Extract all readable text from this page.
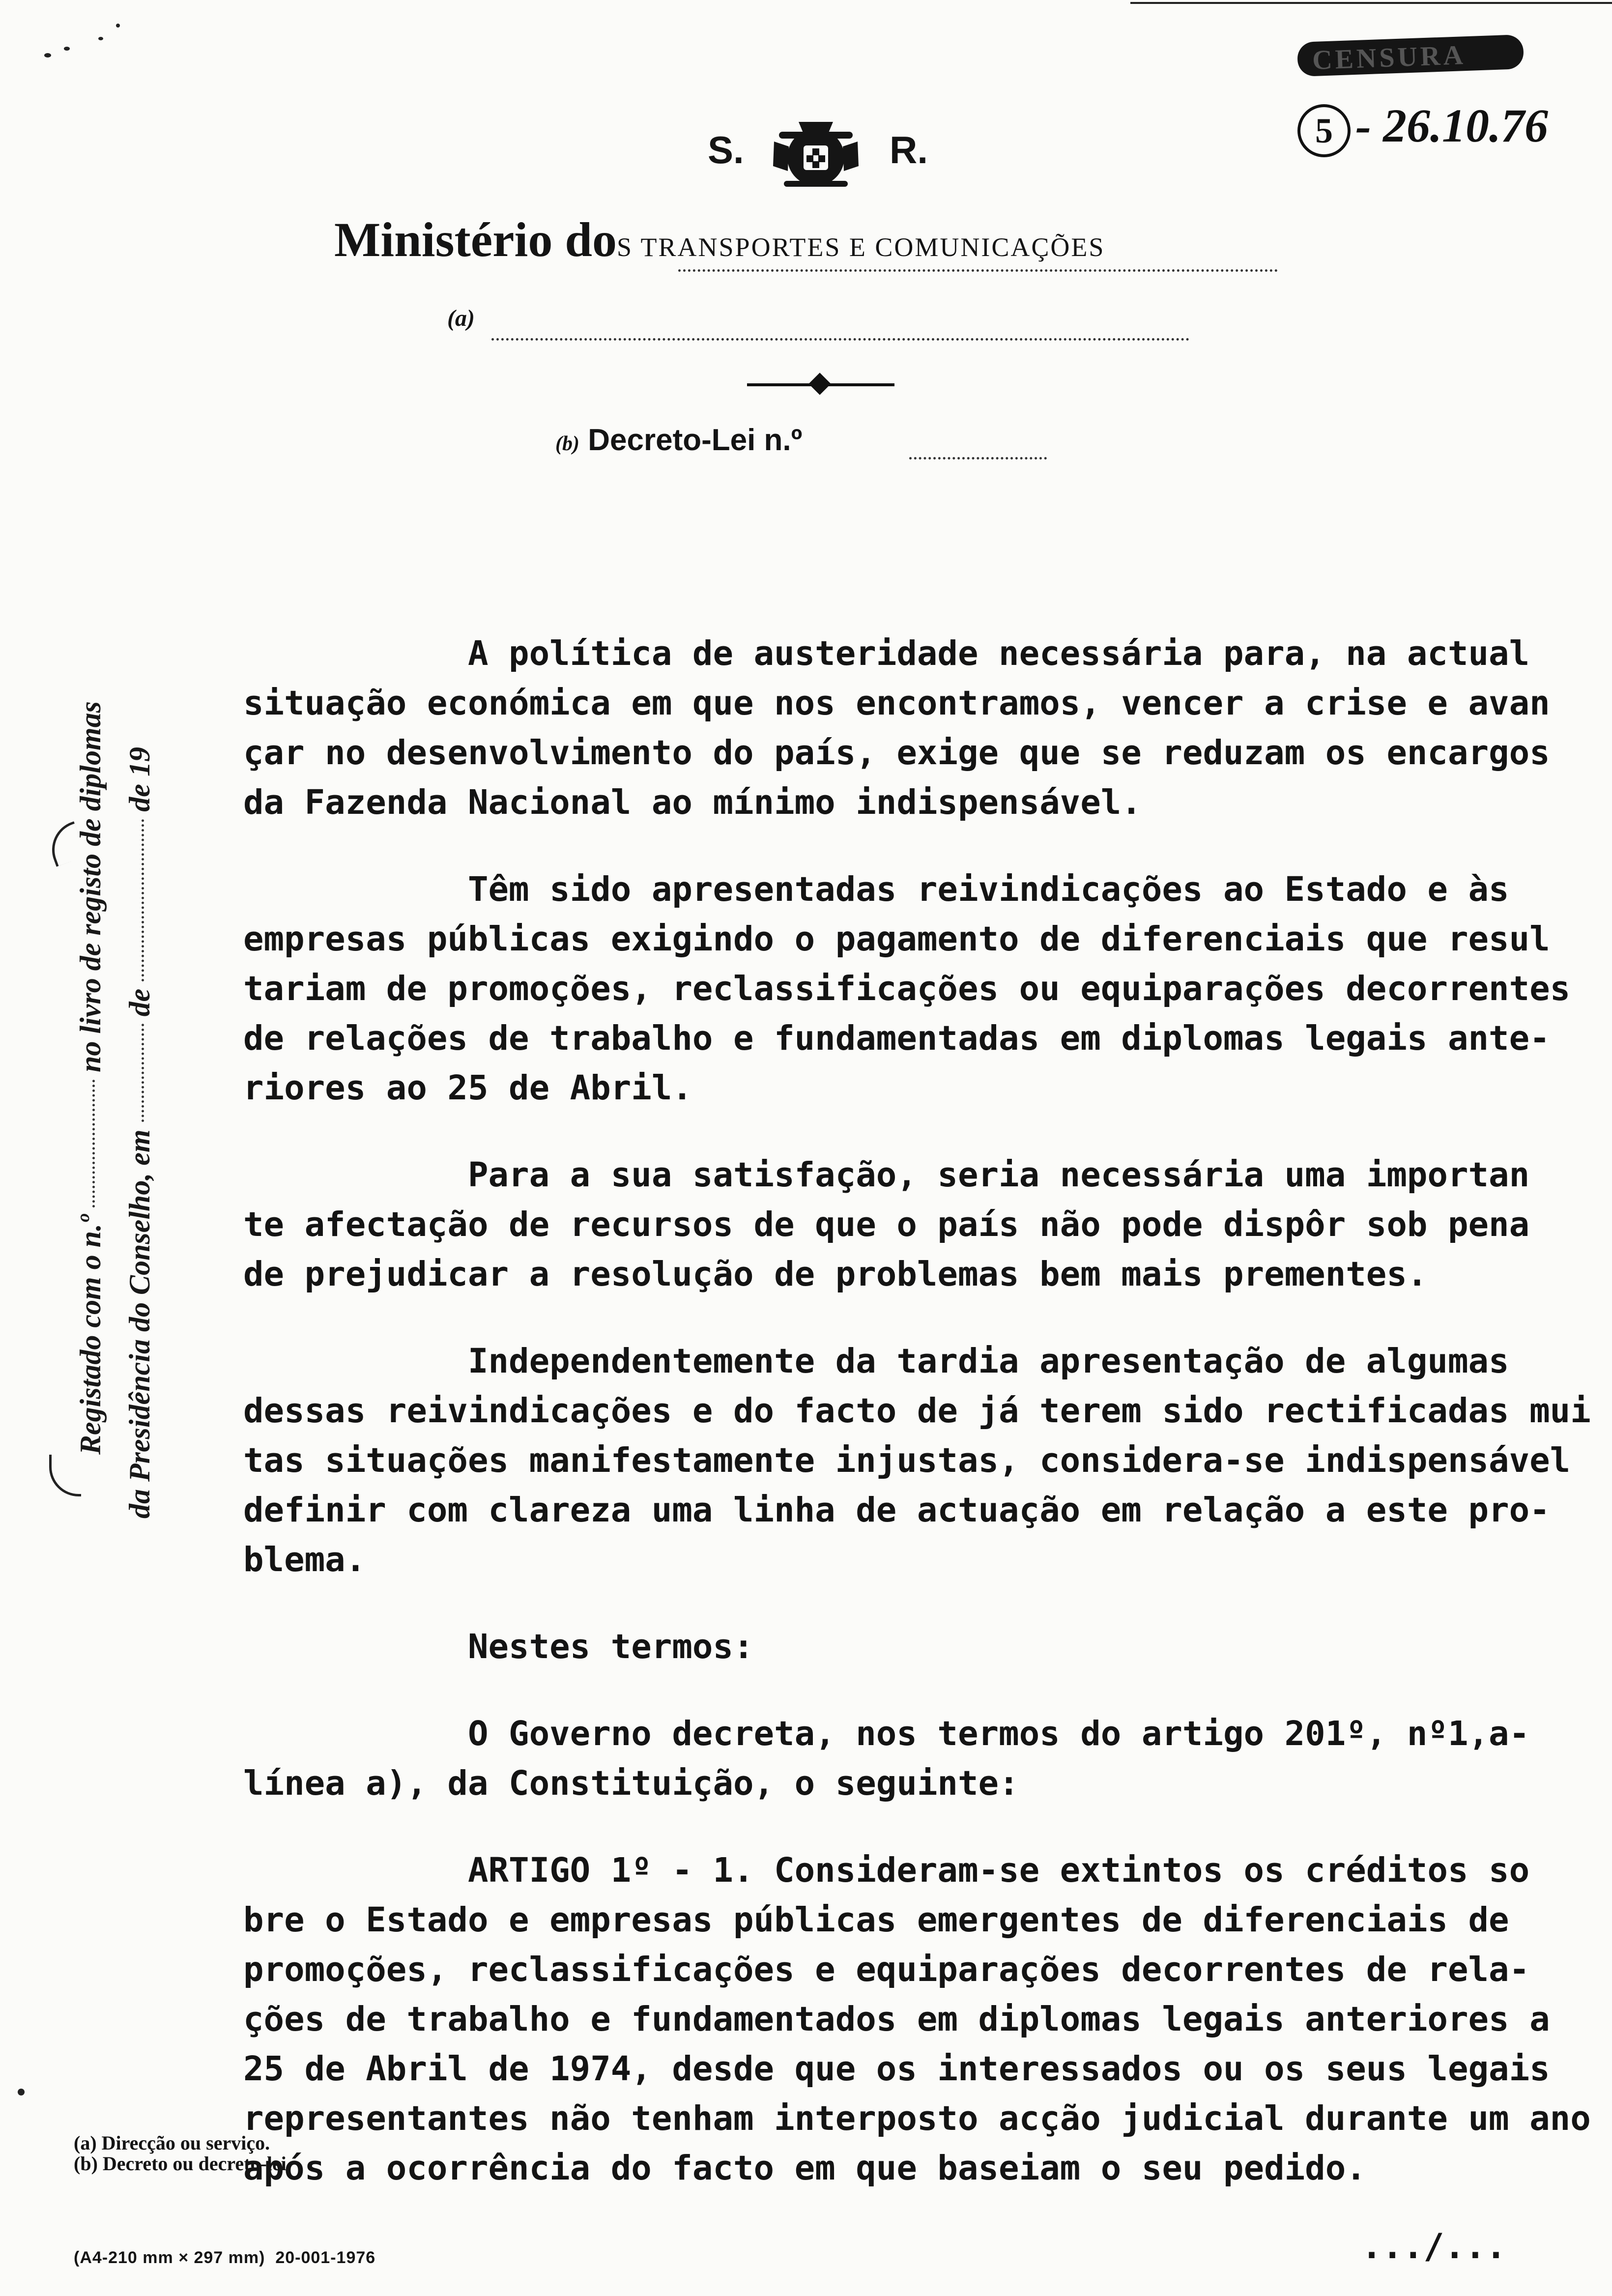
CENSURA
5 - 26.10.76
S.	R.
Ministério doS TRANSPORTES E COMUNICAÇÕES
(a)
(b) Decreto-Lei n.º
Registado com o n.º  no livro de registo de diplomas
da Presidência do Conselho, em  de  de 19
A política de austeridade necessária para, na actual
situação económica em que nos encontramos, vencer a crise e avan
çar no desenvolvimento do país, exige que se reduzam os encargos
da Fazenda Nacional ao mínimo indispensável.
Têm sido apresentadas reivindicações ao Estado e às
empresas públicas exigindo o pagamento de diferenciais que resul
tariam de promoções, reclassificações ou equiparações decorrentes
de relações de trabalho e fundamentadas em diplomas legais ante-
riores ao 25 de Abril.
Para a sua satisfação, seria necessária uma importan
te afectação de recursos de que o país não pode dispôr sob pena
de prejudicar a resolução de problemas bem mais prementes.
Independentemente da tardia apresentação de algumas
dessas reivindicações e do facto de já terem sido rectificadas mui
tas situações manifestamente injustas, considera-se indispensável
definir com clareza uma linha de actuação em relação a este pro-
blema.
Nestes termos:
O Governo decreta, nos termos do artigo 201º, nº1,a-
línea a), da Constituição, o seguinte:
ARTIGO 1º - 1. Consideram-se extintos os créditos so
bre o Estado e empresas públicas emergentes de diferenciais de
promoções, reclassificações e equiparações decorrentes de rela-
ções de trabalho e fundamentados em diplomas legais anteriores a
25 de Abril de 1974, desde que os interessados ou os seus legais
representantes não tenham interposto acção judicial durante um ano
após a ocorrência do facto em que baseiam o seu pedido.
(a) Direcção ou serviço.
(b) Decreto ou decreto-lei.
(A4-210 mm × 297 mm)  20-001-1976	.../...
